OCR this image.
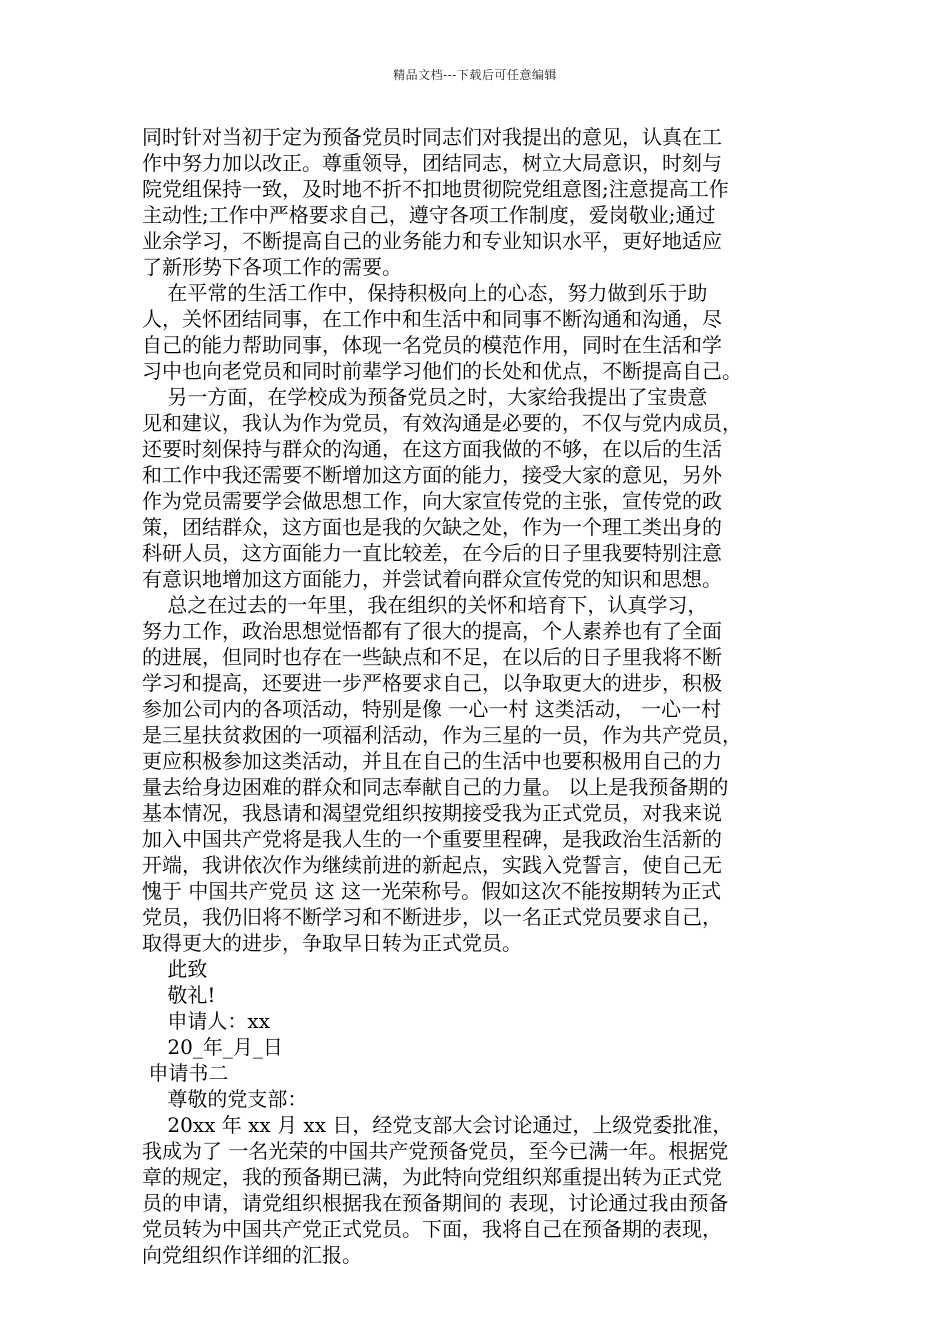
精品文档---下载后可任意编辑
同时针对当初于定为预备党员时同志们对我提出的意见，认真在工
作中努力加以改正。尊重领导，团结同志，树立大局意识，时刻与
院党组保持一致，及时地不折不扣地贯彻院党组意图;注意提高工作
主动性;工作中严格要求自己，遵守各项工作制度，爱岗敬业;通过
业余学习，不断提高自己的业务能力和专业知识水平，更好地适应
了新形势下各项工作的需要。
在平常的生活工作中，保持积极向上的心态，努力做到乐于助
人，关怀团结同事，在工作中和生活中和同事不断沟通和沟通，尽
自己的能力帮助同事，体现一名党员的模范作用，同时在生活和学
习中也向老党员和同时前辈学习他们的长处和优点，不断提高自己。
另一方面，在学校成为预备党员之时，大家给我提出了宝贵意
见和建议，我认为作为党员，有效沟通是必要的，不仅与党内成员，
还要时刻保持与群众的沟通，在这方面我做的不够，在以后的生活
和工作中我还需要不断增加这方面的能力，接受大家的意见，另外
作为党员需要学会做思想工作，向大家宣传党的主张，宣传党的政
策，团结群众，这方面也是我的欠缺之处，作为一个理工类出身的
科研人员，这方面能力一直比较差，在今后的日子里我要特别注意
有意识地增加这方面能力，并尝试着向群众宣传党的知识和思想。
总之在过去的一年里，我在组织的关怀和培育下，认真学习，
努力工作，政治思想觉悟都有了很大的提高，个人素养也有了全面
的进展，但同时也存在一些缺点和不足，在以后的日子里我将不断
学习和提高，还要进一步严格要求自己，以争取更大的进步，积极
参加公司内的各项活动，特别是像 一心一村 这类活动， 一心一村
是三星扶贫救困的一项福利活动，作为三星的一员，作为共产党员，
更应积极参加这类活动，并且在自己的生活中也要积极用自己的力
量去给身边困难的群众和同志奉献自己的力量。 以上是我预备期的
基本情况，我恳请和渴望党组织按期接受我为正式党员，对我来说
加入中国共产党将是我人生的一个重要里程碑，是我政治生活新的
开端，我讲依次作为继续前进的新起点，实践入党誓言，使自己无
愧于 中国共产党员 这 这一光荣称号。假如这次不能按期转为正式
党员，我仍旧将不断学习和不断进步，以一名正式党员要求自己，
取得更大的进步，争取早日转为正式党员。
此致
敬礼!
申请人：xx
20_年_月_日
申请书二
尊敬的党支部：
20xx 年 xx 月 xx 日，经党支部大会讨论通过，上级党委批准，
我成为了 一名光荣的中国共产党预备党员，至今已满一年。根据党
章的规定，我的预备期已满，为此特向党组织郑重提出转为正式党
员的申请，请党组织根据我在预备期间的 表现，讨论通过我由预备
党员转为中国共产党正式党员。下面，我将自己在预备期的表现，
向党组织作详细的汇报。
